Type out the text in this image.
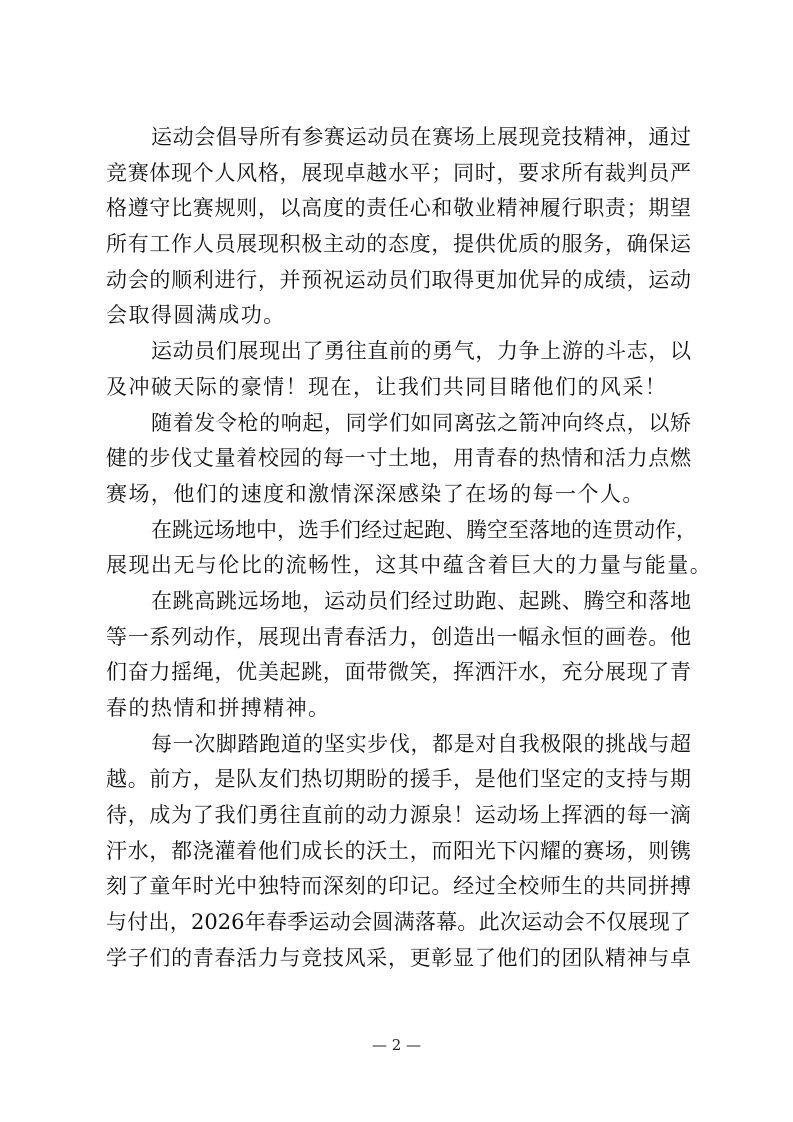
运动会倡导所有参赛运动员在赛场上展现竞技精神，通过
竞赛体现个人风格，展现卓越水平；同时，要求所有裁判员严
格遵守比赛规则，以高度的责任心和敬业精神履行职责；期望
所有工作人员展现积极主动的态度，提供优质的服务，确保运
动会的顺利进行，并预祝运动员们取得更加优异的成绩，运动
会取得圆满成功。
运动员们展现出了勇往直前的勇气，力争上游的斗志，以
及冲破天际的豪情！现在，让我们共同目睹他们的风采！
随着发令枪的响起，同学们如同离弦之箭冲向终点，以矫
健的步伐丈量着校园的每一寸土地，用青春的热情和活力点燃
赛场，他们的速度和激情深深感染了在场的每一个人。
在跳远场地中，选手们经过起跑、腾空至落地的连贯动作，
展现出无与伦比的流畅性，这其中蕴含着巨大的力量与能量。
在跳高跳远场地，运动员们经过助跑、起跳、腾空和落地
等一系列动作，展现出青春活力，创造出一幅永恒的画卷。他
们奋力摇绳，优美起跳，面带微笑，挥洒汗水，充分展现了青
春的热情和拼搏精神。
每一次脚踏跑道的坚实步伐，都是对自我极限的挑战与超
越。前方，是队友们热切期盼的援手，是他们坚定的支持与期
待，成为了我们勇往直前的动力源泉！运动场上挥洒的每一滴
汗水，都浇灌着他们成长的沃土，而阳光下闪耀的赛场，则镌
刻了童年时光中独特而深刻的印记。经过全校师生的共同拼搏
与付出，2026年春季运动会圆满落幕。此次运动会不仅展现了
学子们的青春活力与竞技风采，更彰显了他们的团队精神与卓
— 2 —
